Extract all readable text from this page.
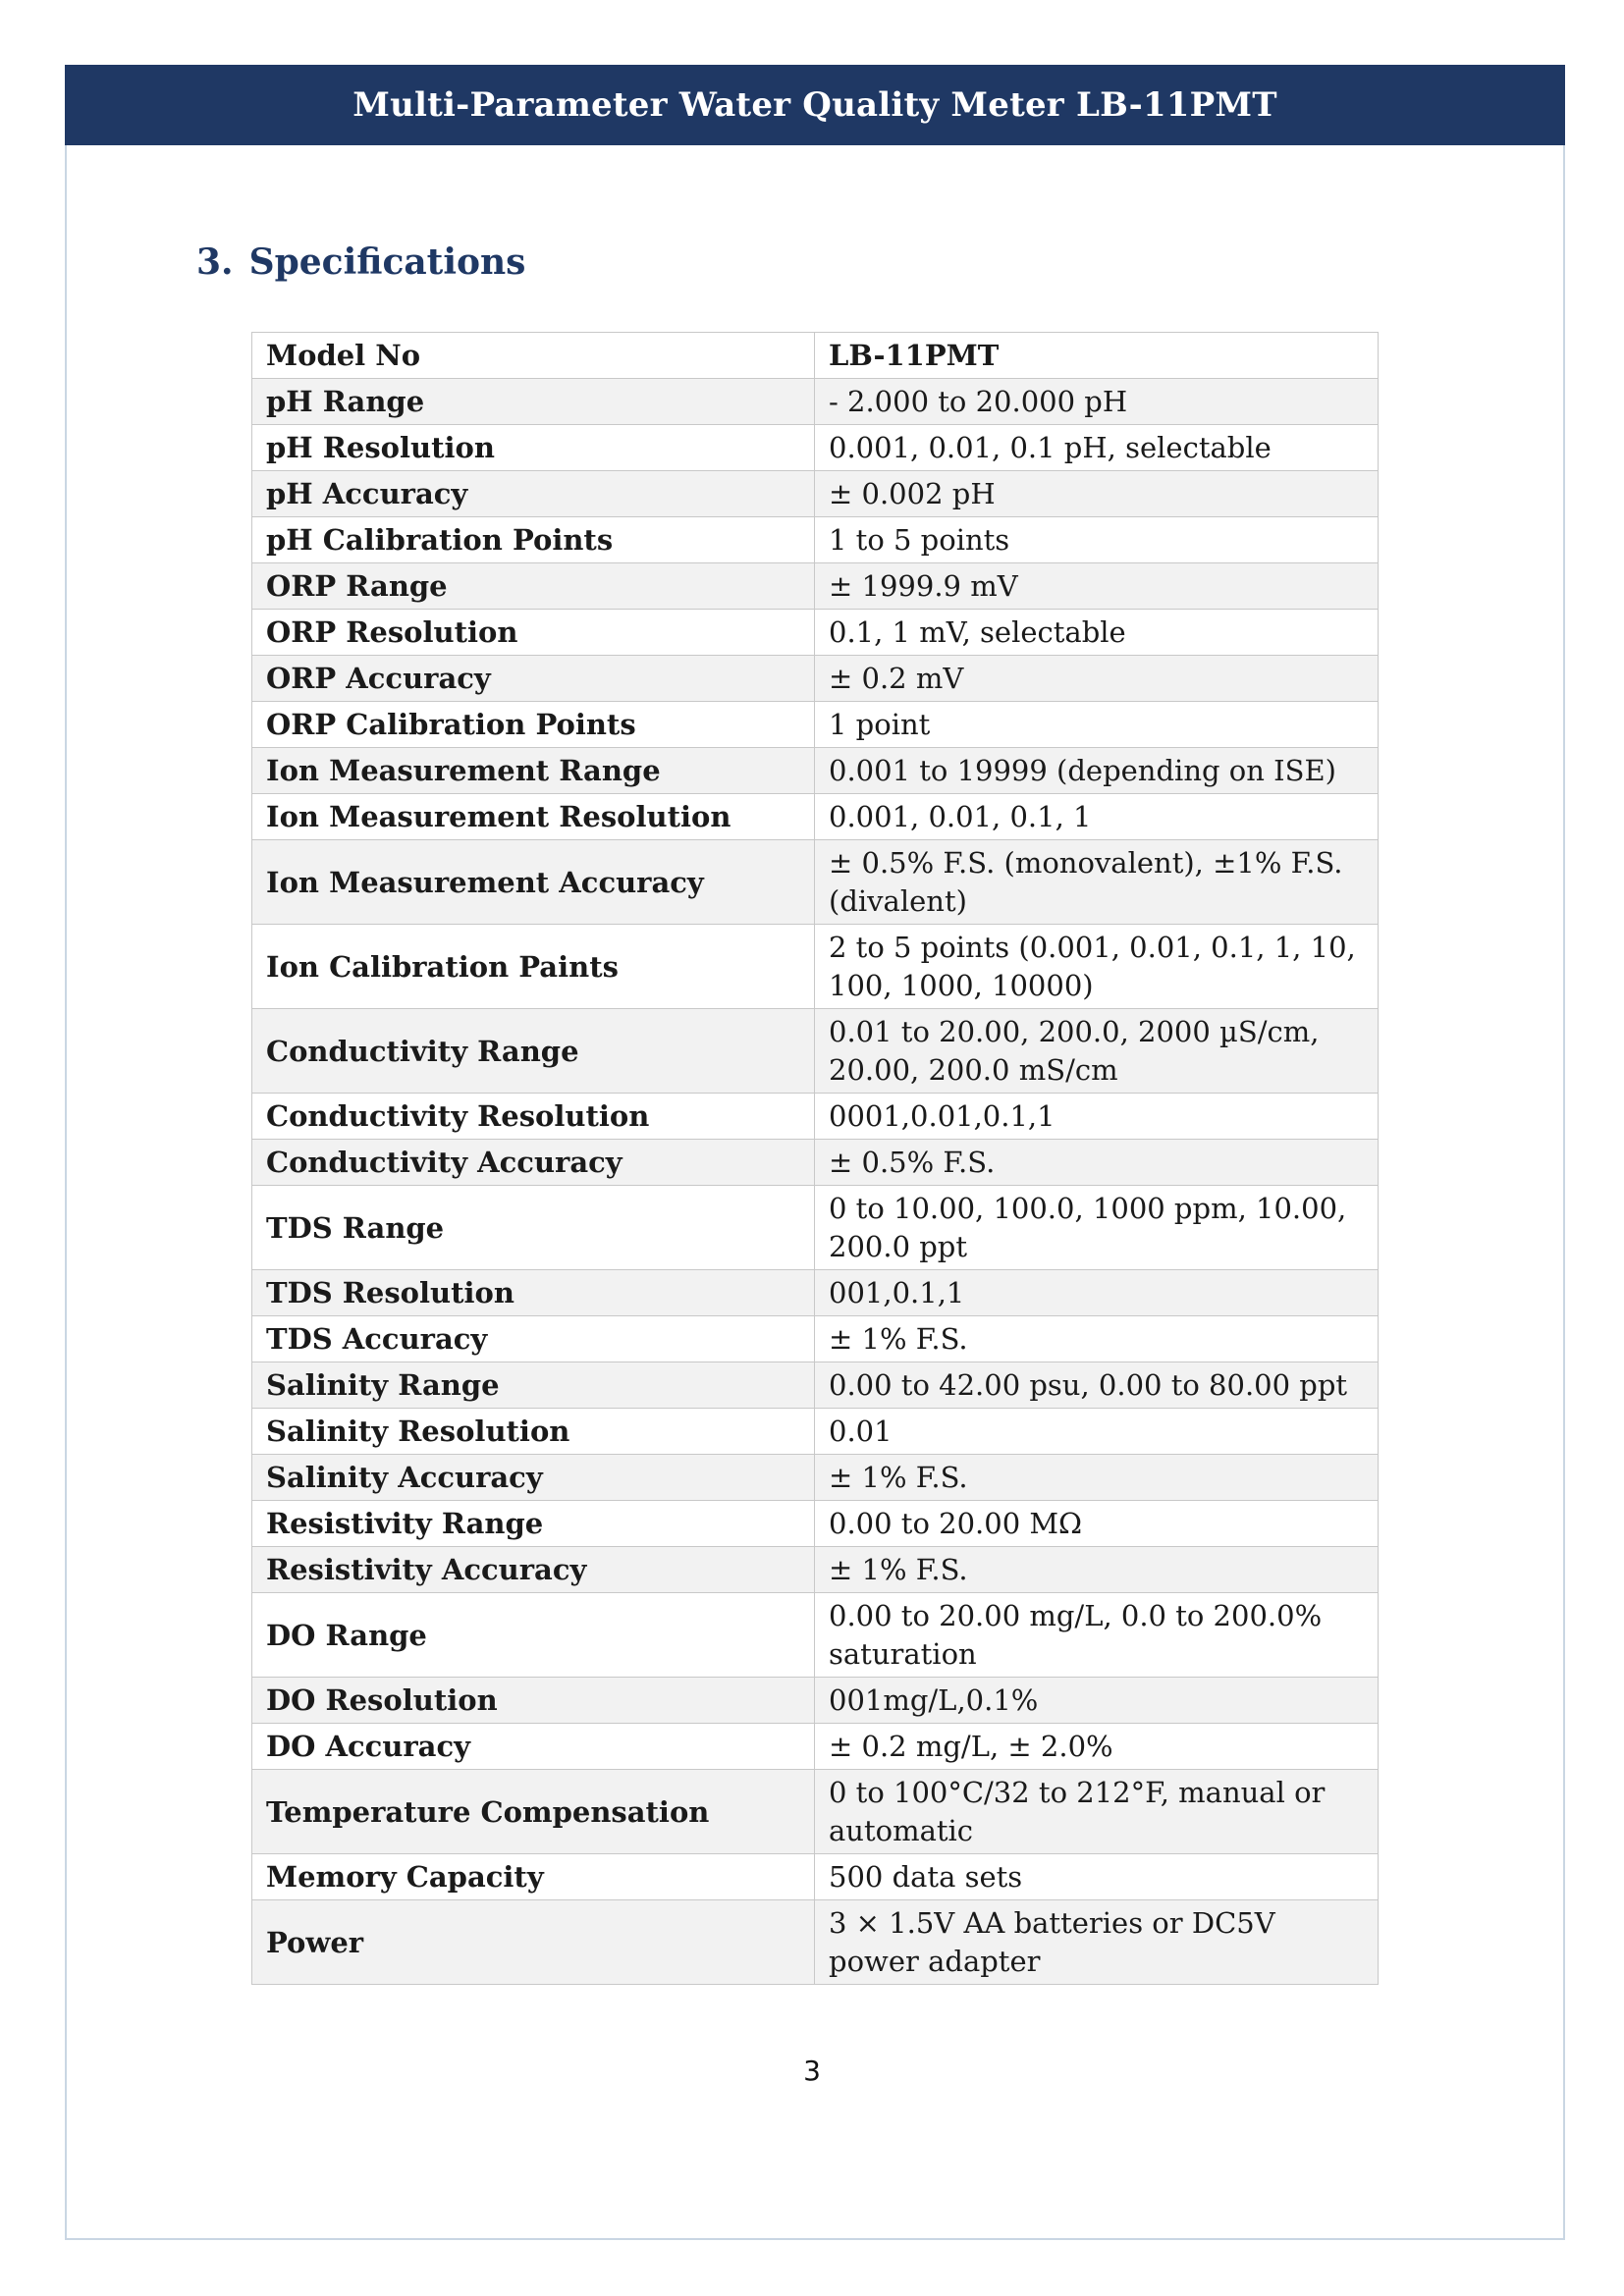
Multi-Parameter Water Quality Meter LB-11PMT
3. Specifications
Model No	LB-11PMT
pH Range	- 2.000 to 20.000 pH
pH Resolution	0.001, 0.01, 0.1 pH, selectable
pH Accuracy	± 0.002 pH
pH Calibration Points	1 to 5 points
ORP Range	± 1999.9 mV
ORP Resolution	0.1, 1 mV, selectable
ORP Accuracy	± 0.2 mV
ORP Calibration Points	1 point
Ion Measurement Range	0.001 to 19999 (depending on ISE)
Ion Measurement Resolution	0.001, 0.01, 0.1, 1
Ion Measurement Accuracy	± 0.5% F.S. (monovalent), ±1% F.S. (divalent)
Ion Calibration Paints	2 to 5 points (0.001, 0.01, 0.1, 1, 10, 100, 1000, 10000)
Conductivity Range	0.01 to 20.00, 200.0, 2000 µS/cm, 20.00, 200.0 mS/cm
Conductivity Resolution	0001,0.01,0.1,1
Conductivity Accuracy	± 0.5% F.S.
TDS Range	0 to 10.00, 100.0, 1000 ppm, 10.00, 200.0 ppt
TDS Resolution	001,0.1,1
TDS Accuracy	± 1% F.S.
Salinity Range	0.00 to 42.00 psu, 0.00 to 80.00 ppt
Salinity Resolution	0.01
Salinity Accuracy	± 1% F.S.
Resistivity Range	0.00 to 20.00 MΩ
Resistivity Accuracy	± 1% F.S.
DO Range	0.00 to 20.00 mg/L, 0.0 to 200.0% saturation
DO Resolution	001mg/L,0.1%
DO Accuracy	± 0.2 mg/L, ± 2.0%
Temperature Compensation	0 to 100°C/32 to 212°F, manual or automatic
Memory Capacity	500 data sets
Power	3 × 1.5V AA batteries or DC5V power adapter
3
